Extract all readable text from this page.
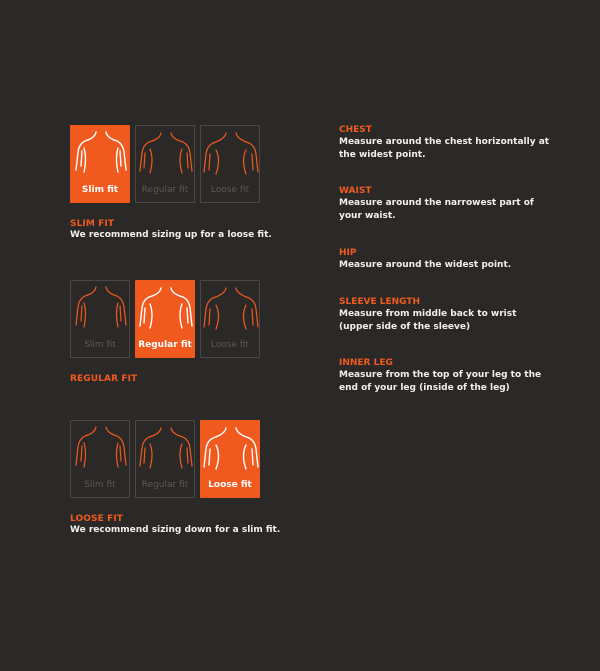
Slim fit	Regular fit	Loose fit
SLIM FIT
We recommend sizing up for a loose fit.
Slim fit	Regular fit	Loose fit
REGULAR FIT
Slim fit	Regular fit	Loose fit
LOOSE FIT
We recommend sizing down for a slim fit.
CHEST
Measure around the chest horizontally at the widest point.
WAIST
Measure around the narrowest part of your waist.
HIP
Measure around the widest point.
SLEEVE LENGTH
Measure from middle back to wrist (upper side of the sleeve)
INNER LEG
Measure from the top of your leg to the end of your leg (inside of the leg)
